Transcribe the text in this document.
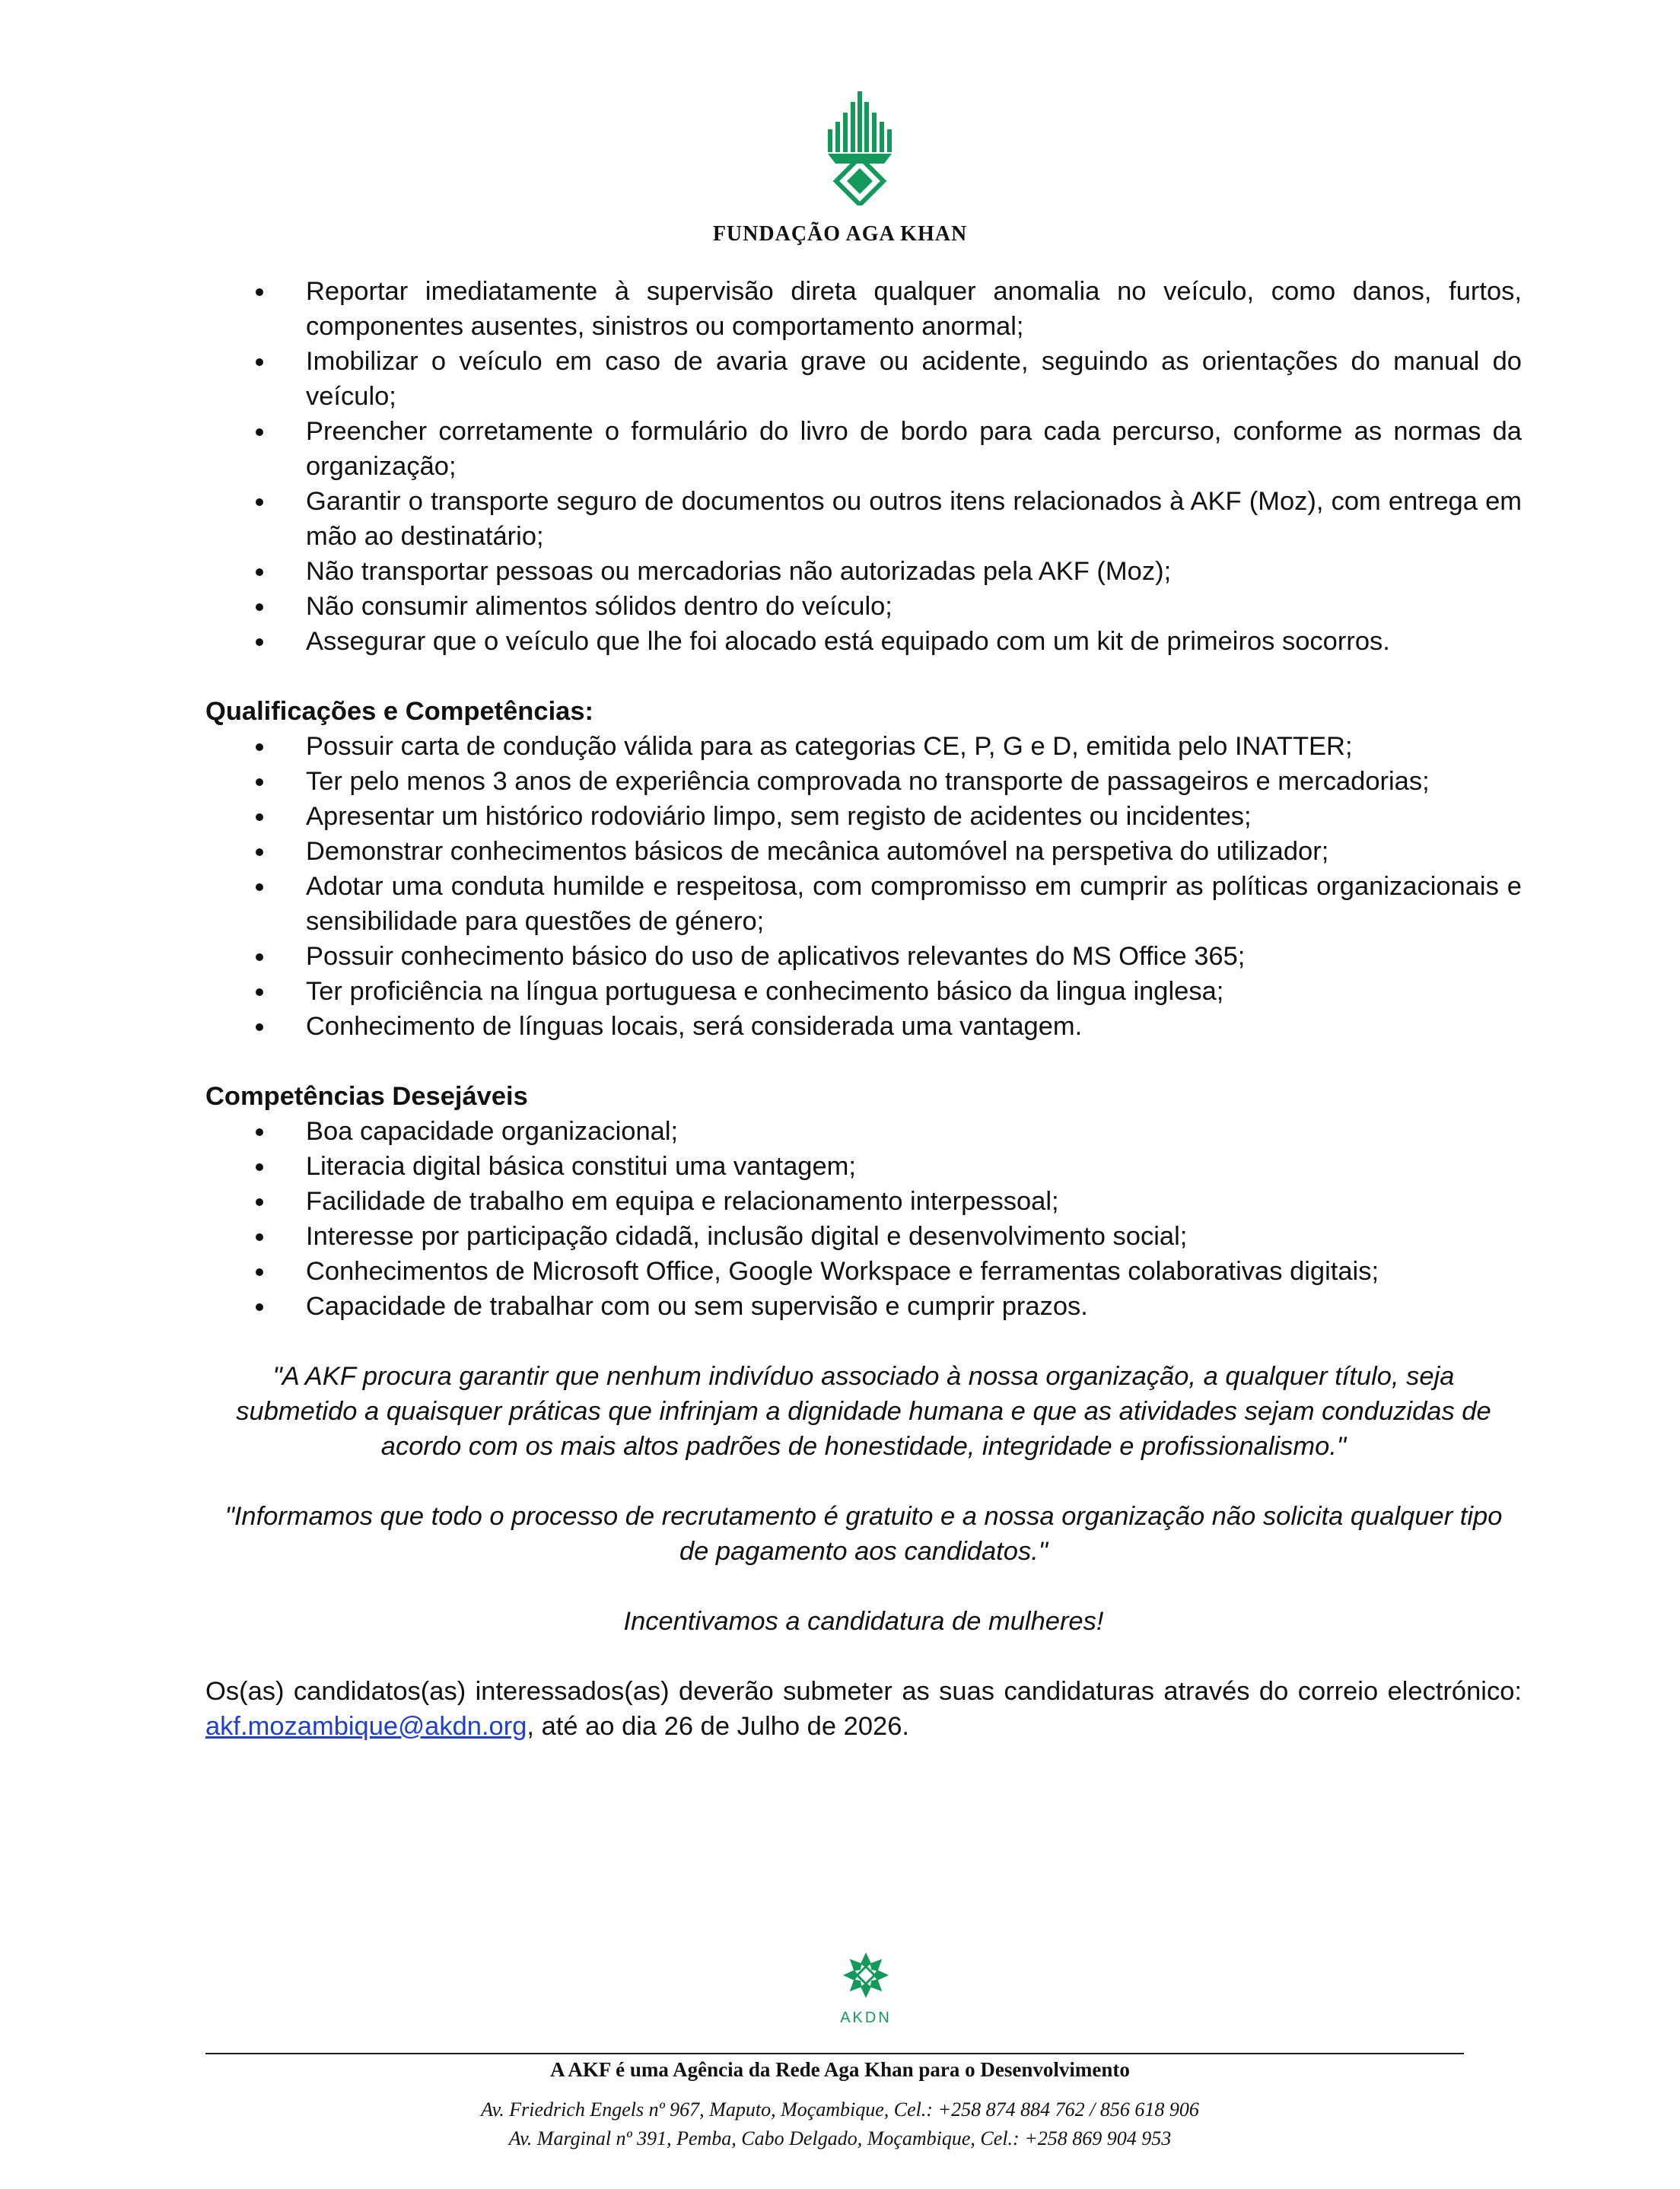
FUNDAÇÃO AGA KHAN
Reportar imediatamente à supervisão direta qualquer anomalia no veículo, como danos, furtos, componentes ausentes, sinistros ou comportamento anormal;
Imobilizar o veículo em caso de avaria grave ou acidente, seguindo as orientações do manual do veículo;
Preencher corretamente o formulário do livro de bordo para cada percurso, conforme as normas da organização;
Garantir o transporte seguro de documentos ou outros itens relacionados à AKF (Moz), com entrega em mão ao destinatário;
Não transportar pessoas ou mercadorias não autorizadas pela AKF (Moz);
Não consumir alimentos sólidos dentro do veículo;
Assegurar que o veículo que lhe foi alocado está equipado com um kit de primeiros socorros.
Qualificações e Competências:
Possuir carta de condução válida para as categorias CE, P, G e D, emitida pelo INATTER;
Ter pelo menos 3 anos de experiência comprovada no transporte de passageiros e mercadorias;
Apresentar um histórico rodoviário limpo, sem registo de acidentes ou incidentes;
Demonstrar conhecimentos básicos de mecânica automóvel na perspetiva do utilizador;
Adotar uma conduta humilde e respeitosa, com compromisso em cumprir as políticas organizacionais e sensibilidade para questões de género;
Possuir conhecimento básico do uso de aplicativos relevantes do MS Office 365;
Ter proficiência na língua portuguesa e conhecimento básico da lingua inglesa;
Conhecimento de línguas locais, será considerada uma vantagem.
Competências Desejáveis
Boa capacidade organizacional;
Literacia digital básica constitui uma vantagem;
Facilidade de trabalho em equipa e relacionamento interpessoal;
Interesse por participação cidadã, inclusão digital e desenvolvimento social;
Conhecimentos de Microsoft Office, Google Workspace e ferramentas colaborativas digitais;
Capacidade de trabalhar com ou sem supervisão e cumprir prazos.
"A AKF procura garantir que nenhum indivíduo associado à nossa organização, a qualquer título, seja submetido a quaisquer práticas que infrinjam a dignidade humana e que as atividades sejam conduzidas de acordo com os mais altos padrões de honestidade, integridade e profissionalismo."
"Informamos que todo o processo de recrutamento é gratuito e a nossa organização não solicita qualquer tipo de pagamento aos candidatos."
Incentivamos a candidatura de mulheres!
Os(as) candidatos(as) interessados(as) deverão submeter as suas candidaturas através do correio electrónico: akf.mozambique@akdn.org, até ao dia 26 de Julho de 2026.
AKDN
A AKF é uma Agência da Rede Aga Khan para o Desenvolvimento
Av. Friedrich Engels nº 967, Maputo, Moçambique, Cel.: +258 874 884 762 / 856 618 906
Av. Marginal nº 391, Pemba, Cabo Delgado, Moçambique, Cel.: +258 869 904 953
